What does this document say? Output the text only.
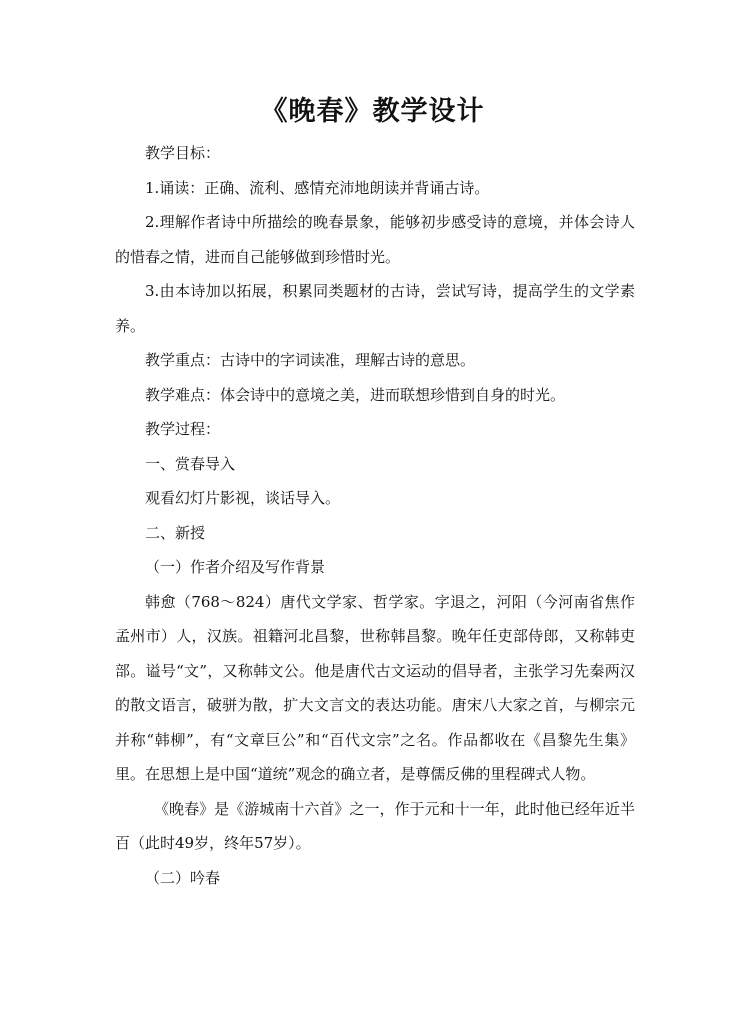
《晚春》教学设计

教学目标：

1.诵读：正确、流利、感情充沛地朗读并背诵古诗。

2.理解作者诗中所描绘的晚春景象，能够初步感受诗的意境，并体会诗人的惜春之情，进而自己能够做到珍惜时光。

3.由本诗加以拓展，积累同类题材的古诗，尝试写诗，提高学生的文学素养。

教学重点：古诗中的字词读准，理解古诗的意思。

教学难点：体会诗中的意境之美，进而联想珍惜到自身的时光。

教学过程：

一、赏春导入

观看幻灯片影视，谈话导入。

二、新授

（一）作者介绍及写作背景

韩愈（768～824）唐代文学家、哲学家。字退之，河阳（今河南省焦作孟州市）人，汉族。祖籍河北昌黎，世称韩昌黎。晚年任吏部侍郎，又称韩吏部。谥号“文”，又称韩文公。他是唐代古文运动的倡导者，主张学习先秦两汉的散文语言，破骈为散，扩大文言文的表达功能。唐宋八大家之首，与柳宗元并称“韩柳”，有“文章巨公”和“百代文宗”之名。作品都收在《昌黎先生集》里。在思想上是中国“道统”观念的确立者，是尊儒反佛的里程碑式人物。

《晚春》是《游城南十六首》之一，作于元和十一年，此时他已经年近半百（此时49岁，终年57岁）。

（二）吟春
